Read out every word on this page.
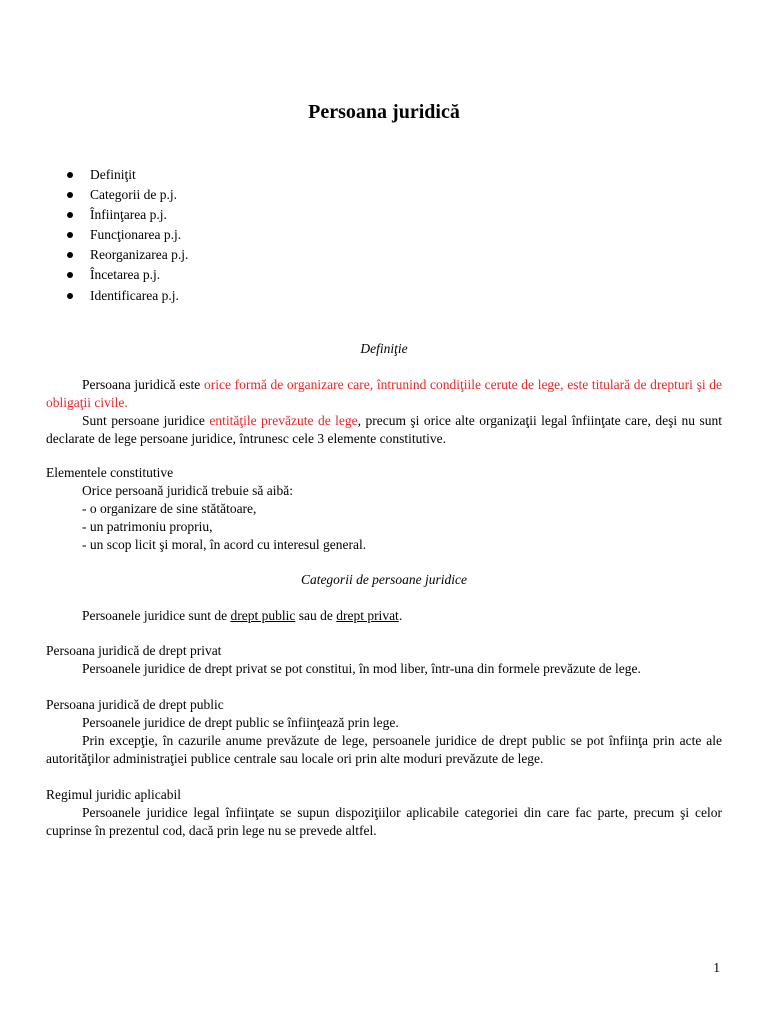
Persoana juridică
Definiţit
Categorii de p.j.
Înfiinţarea p.j.
Funcţionarea p.j.
Reorganizarea p.j.
Încetarea p.j.
Identificarea p.j.
Definiţie

Persoana juridică este orice formă de organizare care, întrunind condiţiile cerute de lege, este titulară de drepturi şi de obligaţii civile.

Sunt persoane juridice entităţile prevăzute de lege, precum şi orice alte organizaţii legal înfiinţate care, deşi nu sunt declarate de lege persoane juridice, întrunesc cele 3 elemente constitutive.

Elementele constitutive

Orice persoană juridică trebuie să aibă:

- o organizare de sine stătătoare,

- un patrimoniu propriu,

- un scop licit şi moral, în acord cu interesul general.

Categorii de persoane juridice

Persoanele juridice sunt de drept public sau de drept privat.

Persoana juridică de drept privat

Persoanele juridice de drept privat se pot constitui, în mod liber, într-una din formele prevăzute de lege.

Persoana juridică de drept public

Persoanele juridice de drept public se înfiinţează prin lege.

Prin excepţie, în cazurile anume prevăzute de lege, persoanele juridice de drept public se pot înfiinţa prin acte ale autorităţilor administraţiei publice centrale sau locale ori prin alte moduri prevăzute de lege.

Regimul juridic aplicabil

Persoanele juridice legal înfiinţate se supun dispoziţiilor aplicabile categoriei din care fac parte, precum şi celor cuprinse în prezentul cod, dacă prin lege nu se prevede altfel.

1
